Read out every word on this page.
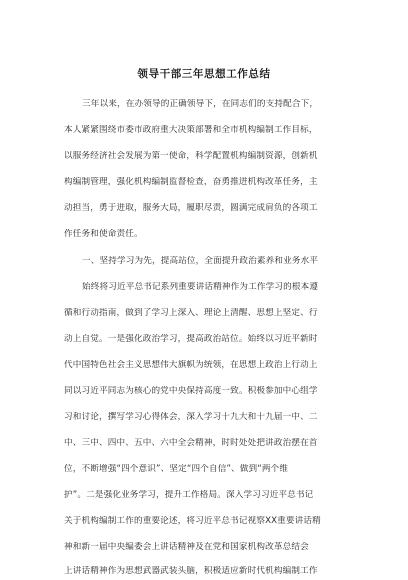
领导干部三年思想工作总结
三年以来，在办领导的正确领导下，在同志们的支持配合下，
本人紧紧围绕市委市政府重大决策部署和全市机构编制工作目标，
以服务经济社会发展为第一使命，科学配置机构编制资源，创新机
构编制管理，强化机构编制监督检查，奋勇推进机构改革任务，主
动担当，勇于进取，服务大局，履职尽责，圆满完成肩负的各项工
作任务和使命责任。
一、坚持学习为先，提高站位，全面提升政治素养和业务水平
始终将习近平总书记系列重要讲话精神作为工作学习的根本遵
循和行动指南，做到了学习上深入、理论上清醒、思想上坚定、行
动上自觉。一是强化政治学习，提高政治站位。始终以习近平新时
代中国特色社会主义思想伟大旗帜为统领，在思想上政治上行动上
同以习近平同志为核心的党中央保持高度一致。积极参加中心组学
习和讨论，撰写学习心得体会，深入学习十九大和十九届一中、二
中、三中、四中、五中、六中全会精神，时时处处把讲政治摆在首
位，不断增强“四个意识”、坚定“四个自信”、做到“两个维
护”。二是强化业务学习，提升工作格局。深入学习习近平总书记
关于机构编制工作的重要论述，将习近平总书记视察XX重要讲话精
神和新一届中央编委会上讲话精神及在党和国家机构改革总结会
上讲话精神作为思想武器武装头脑，积极适应新时代机构编制工作
